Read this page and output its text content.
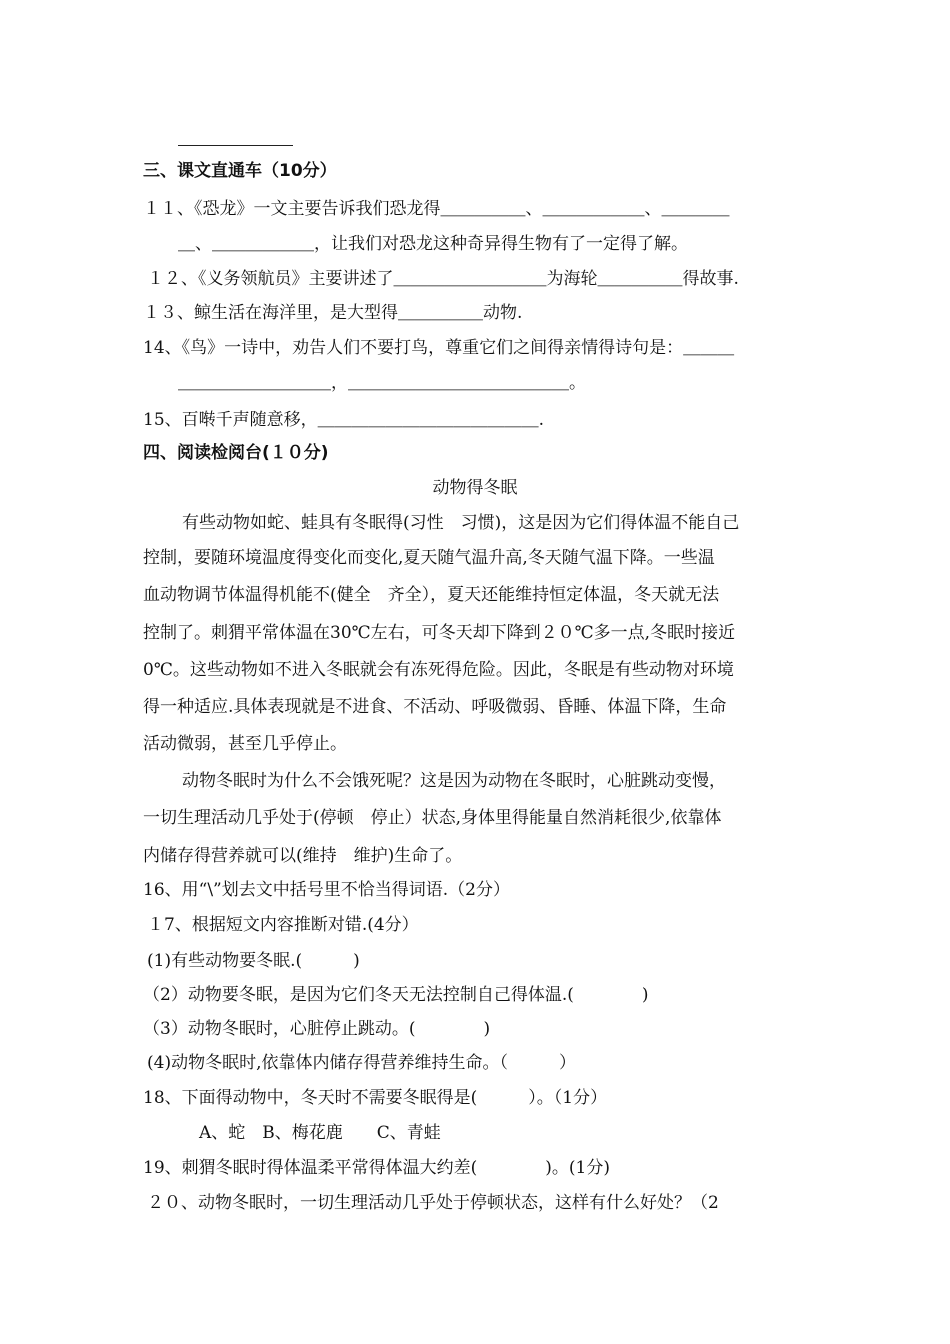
三、课文直通车（10分）
１１、《恐龙》一文主要告诉我们恐龙得＿＿＿＿＿、＿＿＿＿＿＿、＿＿＿＿
＿、＿＿＿＿＿＿，让我们对恐龙这种奇异得生物有了一定得了解。
１２、《义务领航员》主要讲述了＿＿＿＿＿＿＿＿＿为海轮＿＿＿＿＿得故事.
１３、鲸生活在海洋里，是大型得＿＿＿＿＿动物.
14、《鸟》一诗中，劝告人们不要打鸟，尊重它们之间得亲情得诗句是：＿＿＿
＿＿＿＿＿＿＿＿＿，＿＿＿＿＿＿＿＿＿＿＿＿＿。
15、百啭千声随意移，＿＿＿＿＿＿＿＿＿＿＿＿＿.
四、阅读检阅台(１０分)
动物得冬眠
有些动物如蛇、蛙具有冬眠得(习性　习惯)，这是因为它们得体温不能自己
控制，要随环境温度得变化而变化,夏天随气温升高,冬天随气温下降。一些温
血动物调节体温得机能不(健全　齐全），夏天还能维持恒定体温，冬天就无法
控制了。刺猬平常体温在30℃左右，可冬天却下降到２０℃多一点,冬眠时接近
0℃。这些动物如不进入冬眠就会有冻死得危险。因此，冬眠是有些动物对环境
得一种适应.具体表现就是不进食、不活动、呼吸微弱、昏睡、体温下降，生命
活动微弱，甚至几乎停止。
动物冬眠时为什么不会饿死呢？这是因为动物在冬眠时，心脏跳动变慢，
一切生理活动几乎处于(停顿　停止）状态,身体里得能量自然消耗很少,依靠体
内储存得营养就可以(维持　维护)生命了。
16、用“\”划去文中括号里不恰当得词语.（2分）
１7、根据短文内容推断对错.(4分）
(1)有些动物要冬眠.(　　　)
（2）动物要冬眠，是因为它们冬天无法控制自己得体温.(　　　　)
（3）动物冬眠时，心脏停止跳动。(　　　　)
(4)动物冬眠时,依靠体内储存得营养维持生命。（　　　）
18、下面得动物中，冬天时不需要冬眠得是(　　　）。（1分）
A、蛇　B、梅花鹿　　C、青蛙
19、刺猬冬眠时得体温柔平常得体温大约差(　　　　)。(1分)
２０、动物冬眠时，一切生理活动几乎处于停顿状态，这样有什么好处？（2
